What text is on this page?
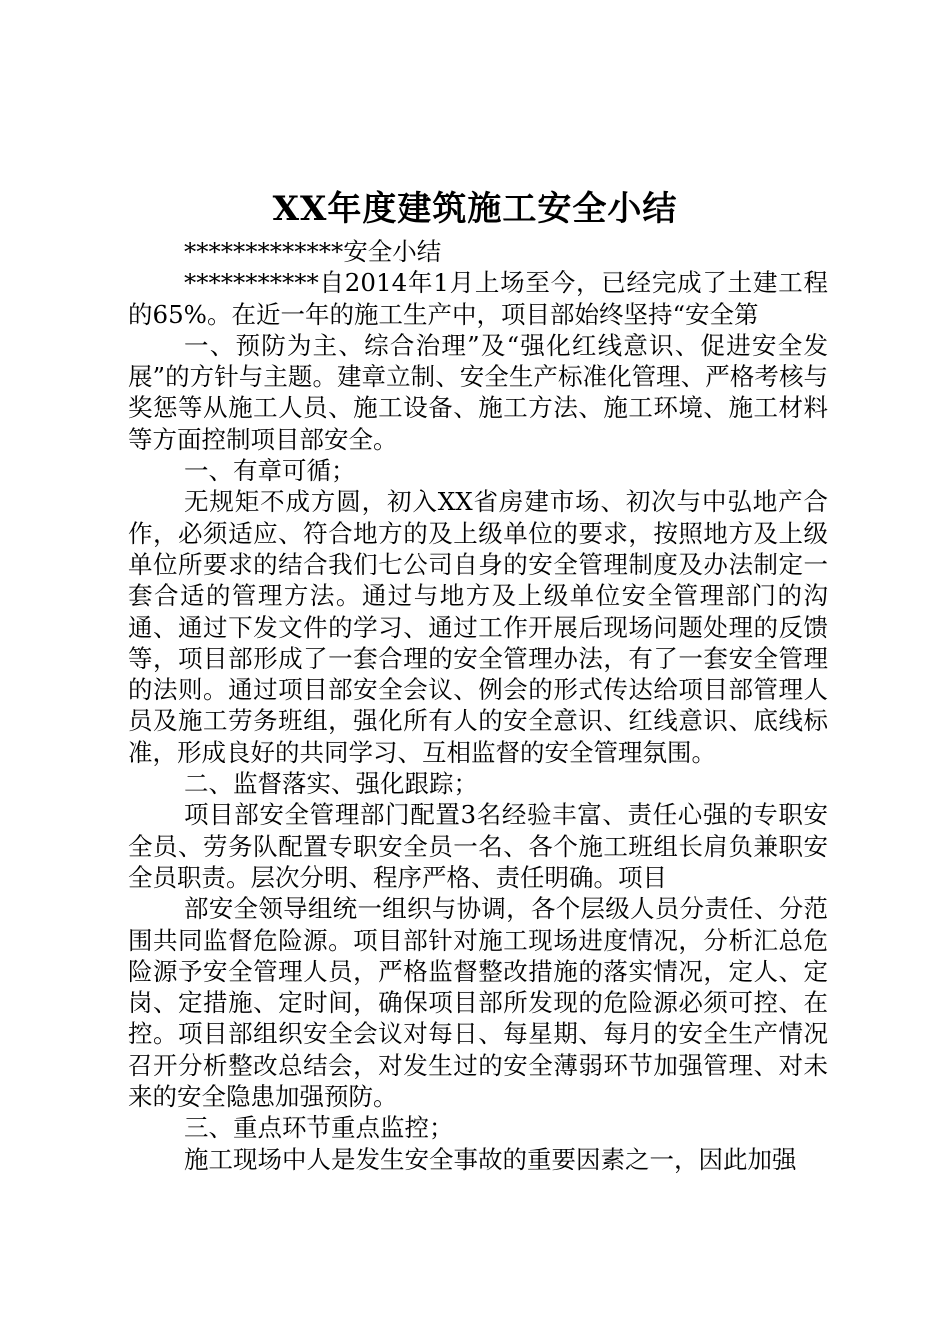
XX年度建筑施工安全小结

*************安全小结

***********自2014年1月上场至今，已经完成了土建工程的65%。在近一年的施工生产中，项目部始终坚持“安全第

一、预防为主、综合治理”及“强化红线意识、促进安全发展”的方针与主题。建章立制、安全生产标准化管理、严格考核与奖惩等从施工人员、施工设备、施工方法、施工环境、施工材料等方面控制项目部安全。

一、有章可循；

无规矩不成方圆，初入XX省房建市场、初次与中弘地产合作，必须适应、符合地方的及上级单位的要求，按照地方及上级单位所要求的结合我们七公司自身的安全管理制度及办法制定一套合适的管理方法。通过与地方及上级单位安全管理部门的沟通、通过下发文件的学习、通过工作开展后现场问题处理的反馈等，项目部形成了一套合理的安全管理办法，有了一套安全管理的法则。通过项目部安全会议、例会的形式传达给项目部管理人员及施工劳务班组，强化所有人的安全意识、红线意识、底线标准，形成良好的共同学习、互相监督的安全管理氛围。

二、监督落实、强化跟踪；

项目部安全管理部门配置3名经验丰富、责任心强的专职安全员、劳务队配置专职安全员一名、各个施工班组长肩负兼职安全员职责。层次分明、程序严格、责任明确。项目

部安全领导组统一组织与协调，各个层级人员分责任、分范围共同监督危险源。项目部针对施工现场进度情况，分析汇总危险源予安全管理人员，严格监督整改措施的落实情况，定人、定岗、定措施、定时间，确保项目部所发现的危险源必须可控、在控。项目部组织安全会议对每日、每星期、每月的安全生产情况召开分析整改总结会，对发生过的安全薄弱环节加强管理、对未来的安全隐患加强预防。

三、重点环节重点监控；

施工现场中人是发生安全事故的重要因素之一，因此加强
